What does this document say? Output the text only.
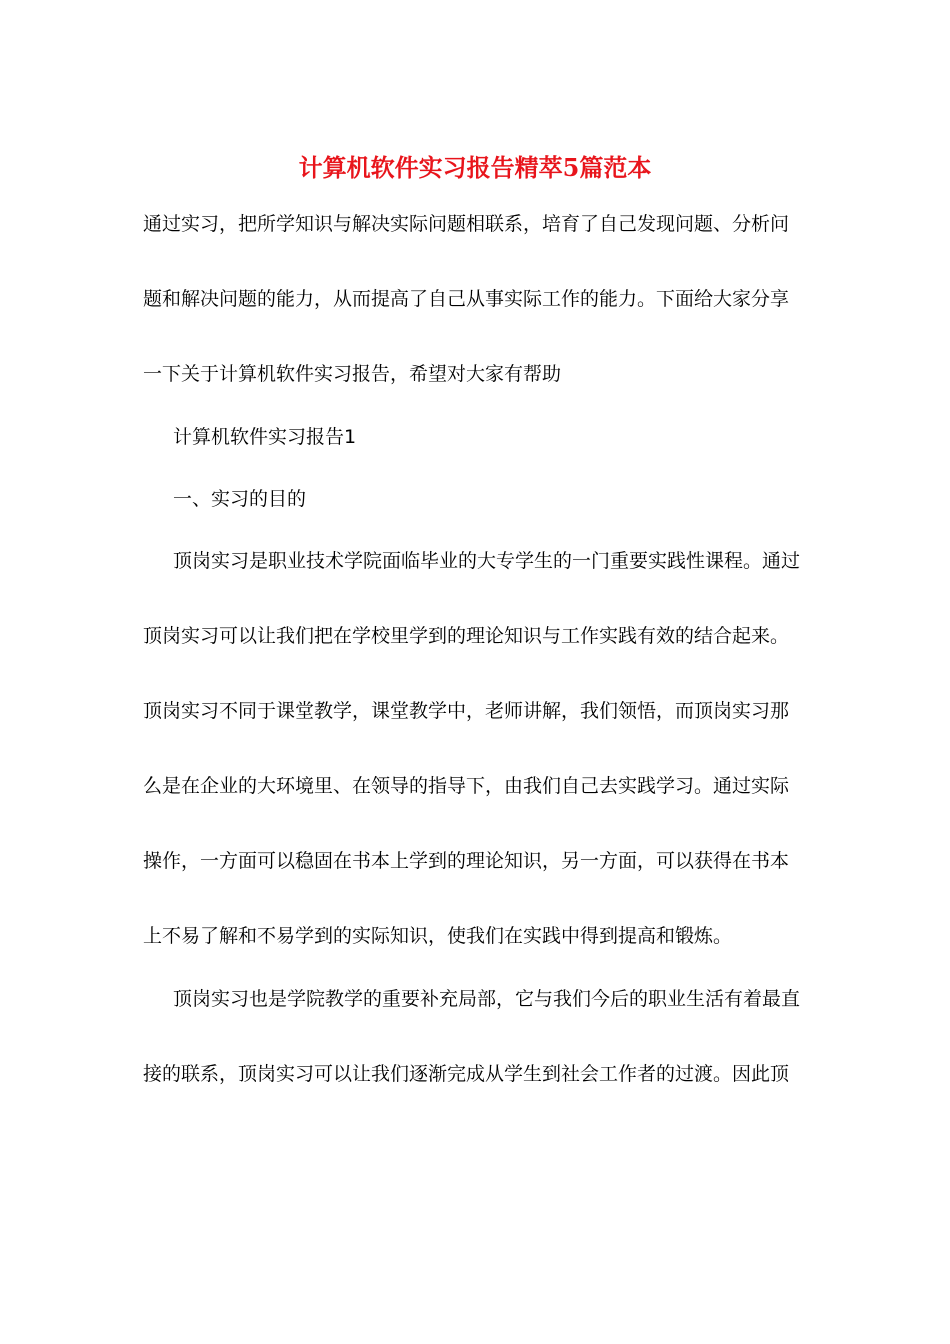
计算机软件实习报告精萃5篇范本
通过实习，把所学知识与解决实际问题相联系，培育了自己发现问题、分析问
题和解决问题的能力，从而提高了自己从事实际工作的能力。下面给大家分享
一下关于计算机软件实习报告，希望对大家有帮助
计算机软件实习报告1
一、实习的目的
顶岗实习是职业技术学院面临毕业的大专学生的一门重要实践性课程。通过
顶岗实习可以让我们把在学校里学到的理论知识与工作实践有效的结合起来。
顶岗实习不同于课堂教学，课堂教学中，老师讲解，我们领悟，而顶岗实习那
么是在企业的大环境里、在领导的指导下，由我们自己去实践学习。通过实际
操作，一方面可以稳固在书本上学到的理论知识，另一方面，可以获得在书本
上不易了解和不易学到的实际知识，使我们在实践中得到提高和锻炼。
顶岗实习也是学院教学的重要补充局部，它与我们今后的职业生活有着最直
接的联系，顶岗实习可以让我们逐渐完成从学生到社会工作者的过渡。因此顶
